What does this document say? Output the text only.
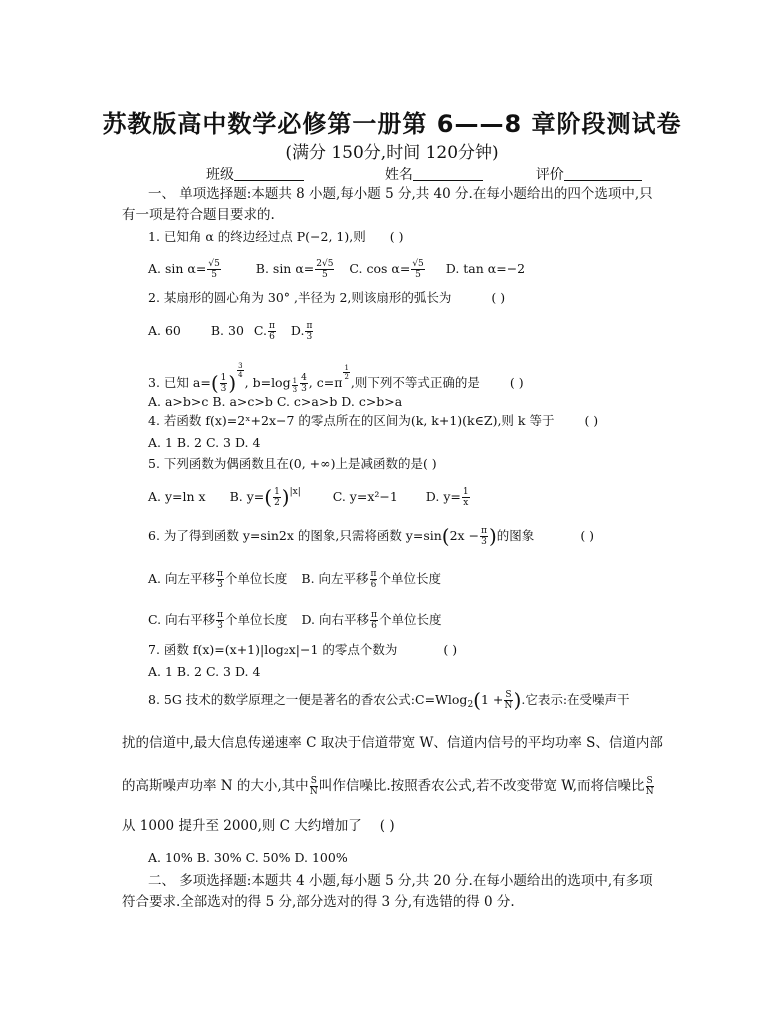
苏教版高中数学必修第一册第 6——8 章阶段测试卷
(满分 150分,时间 120分钟)
班级	姓名	评价
一、 单项选择题:本题共 8 小题,每小题 5 分,共 40 分.在每小题给出的四个选项中,只
有一项是符合题目要求的.
1. 已知角 α 的终边经过点 P(−2, 1),则 ( )
A. $\sin \alpha= \frac{√5}{5}$	B. $\sin \alpha= \frac{2√5}{5} C$. $\cos \alpha= \frac{√5}{5} D$. tan α=−2
2. 某扇形的圆心角为 30° ,半径为 2,则该扇形的弧长为	( )
A. 60 B. 30 C. $\frac{\pi}{6} D$. $\frac{\pi}{3}$
3. 已知 $a=( \frac{1}{3}$ )
$\frac{3}{4}$
, $b=\log \frac{1}{3} \frac{4}{3}$ , c=π
$\frac{1}{2}$
,则下列不等式正确的是 ( )
A. a>b>c B. a>c>b C. c>a>b D. c>b>a
4. 若函数 f(x)=2ˣ+2x−7 的零点所在的区间为(k, k+1)(k∈Z),则 k 等于 ( )
A. 1 B. 2 C. 3 D. 4
5. 下列函数为偶函数且在(0, +∞)上是减函数的是( )
A. y=ln x B. $y=( \frac{1}{2} )^{|x|}$	C. y=x²−1 D. $y= \frac{1}{x}$
6. 为了得到函数 y=sin2x 的图象,只需将函数 $y=\sin(2x - \frac{\pi}{3}$ )的图象	( )
A. 向左平移 $\frac{\pi}{3}$ 个单位长度 B. 向左平移 $\frac{\pi}{6}$ 个单位长度
C. 向右平移 $\frac{\pi}{3}$ 个单位长度 D. 向右平移 $\frac{\pi}{6}$ 个单位长度
7. 函数 f(x)=(x+1)|log₂x|−1 的零点个数为	( )
A. 1 B. 2 C. 3 D. 4
8. 5G 技术的数学原理之一便是著名的香农公式:C=Wlog$_2$(1 + $\frac{S}{N}$ ).它表示:在受噪声干
扰的信道中,最大信息传递速率 C 取决于信道带宽 W、信道内信号的平均功率 S、信道内部
的高斯噪声功率 N 的大小,其中 $\frac{S}{N}$ 叫作信噪比.按照香农公式,若不改变带宽 W,而将信噪比 $\frac{S}{N}$
从 1000 提升至 2000,则 C 大约增加了 ( )
A. 10% B. 30% C. 50% D. 100%
二、 多项选择题:本题共 4 小题,每小题 5 分,共 20 分.在每小题给出的选项中,有多项
符合要求.全部选对的得 5 分,部分选对的得 3 分,有选错的得 0 分.
